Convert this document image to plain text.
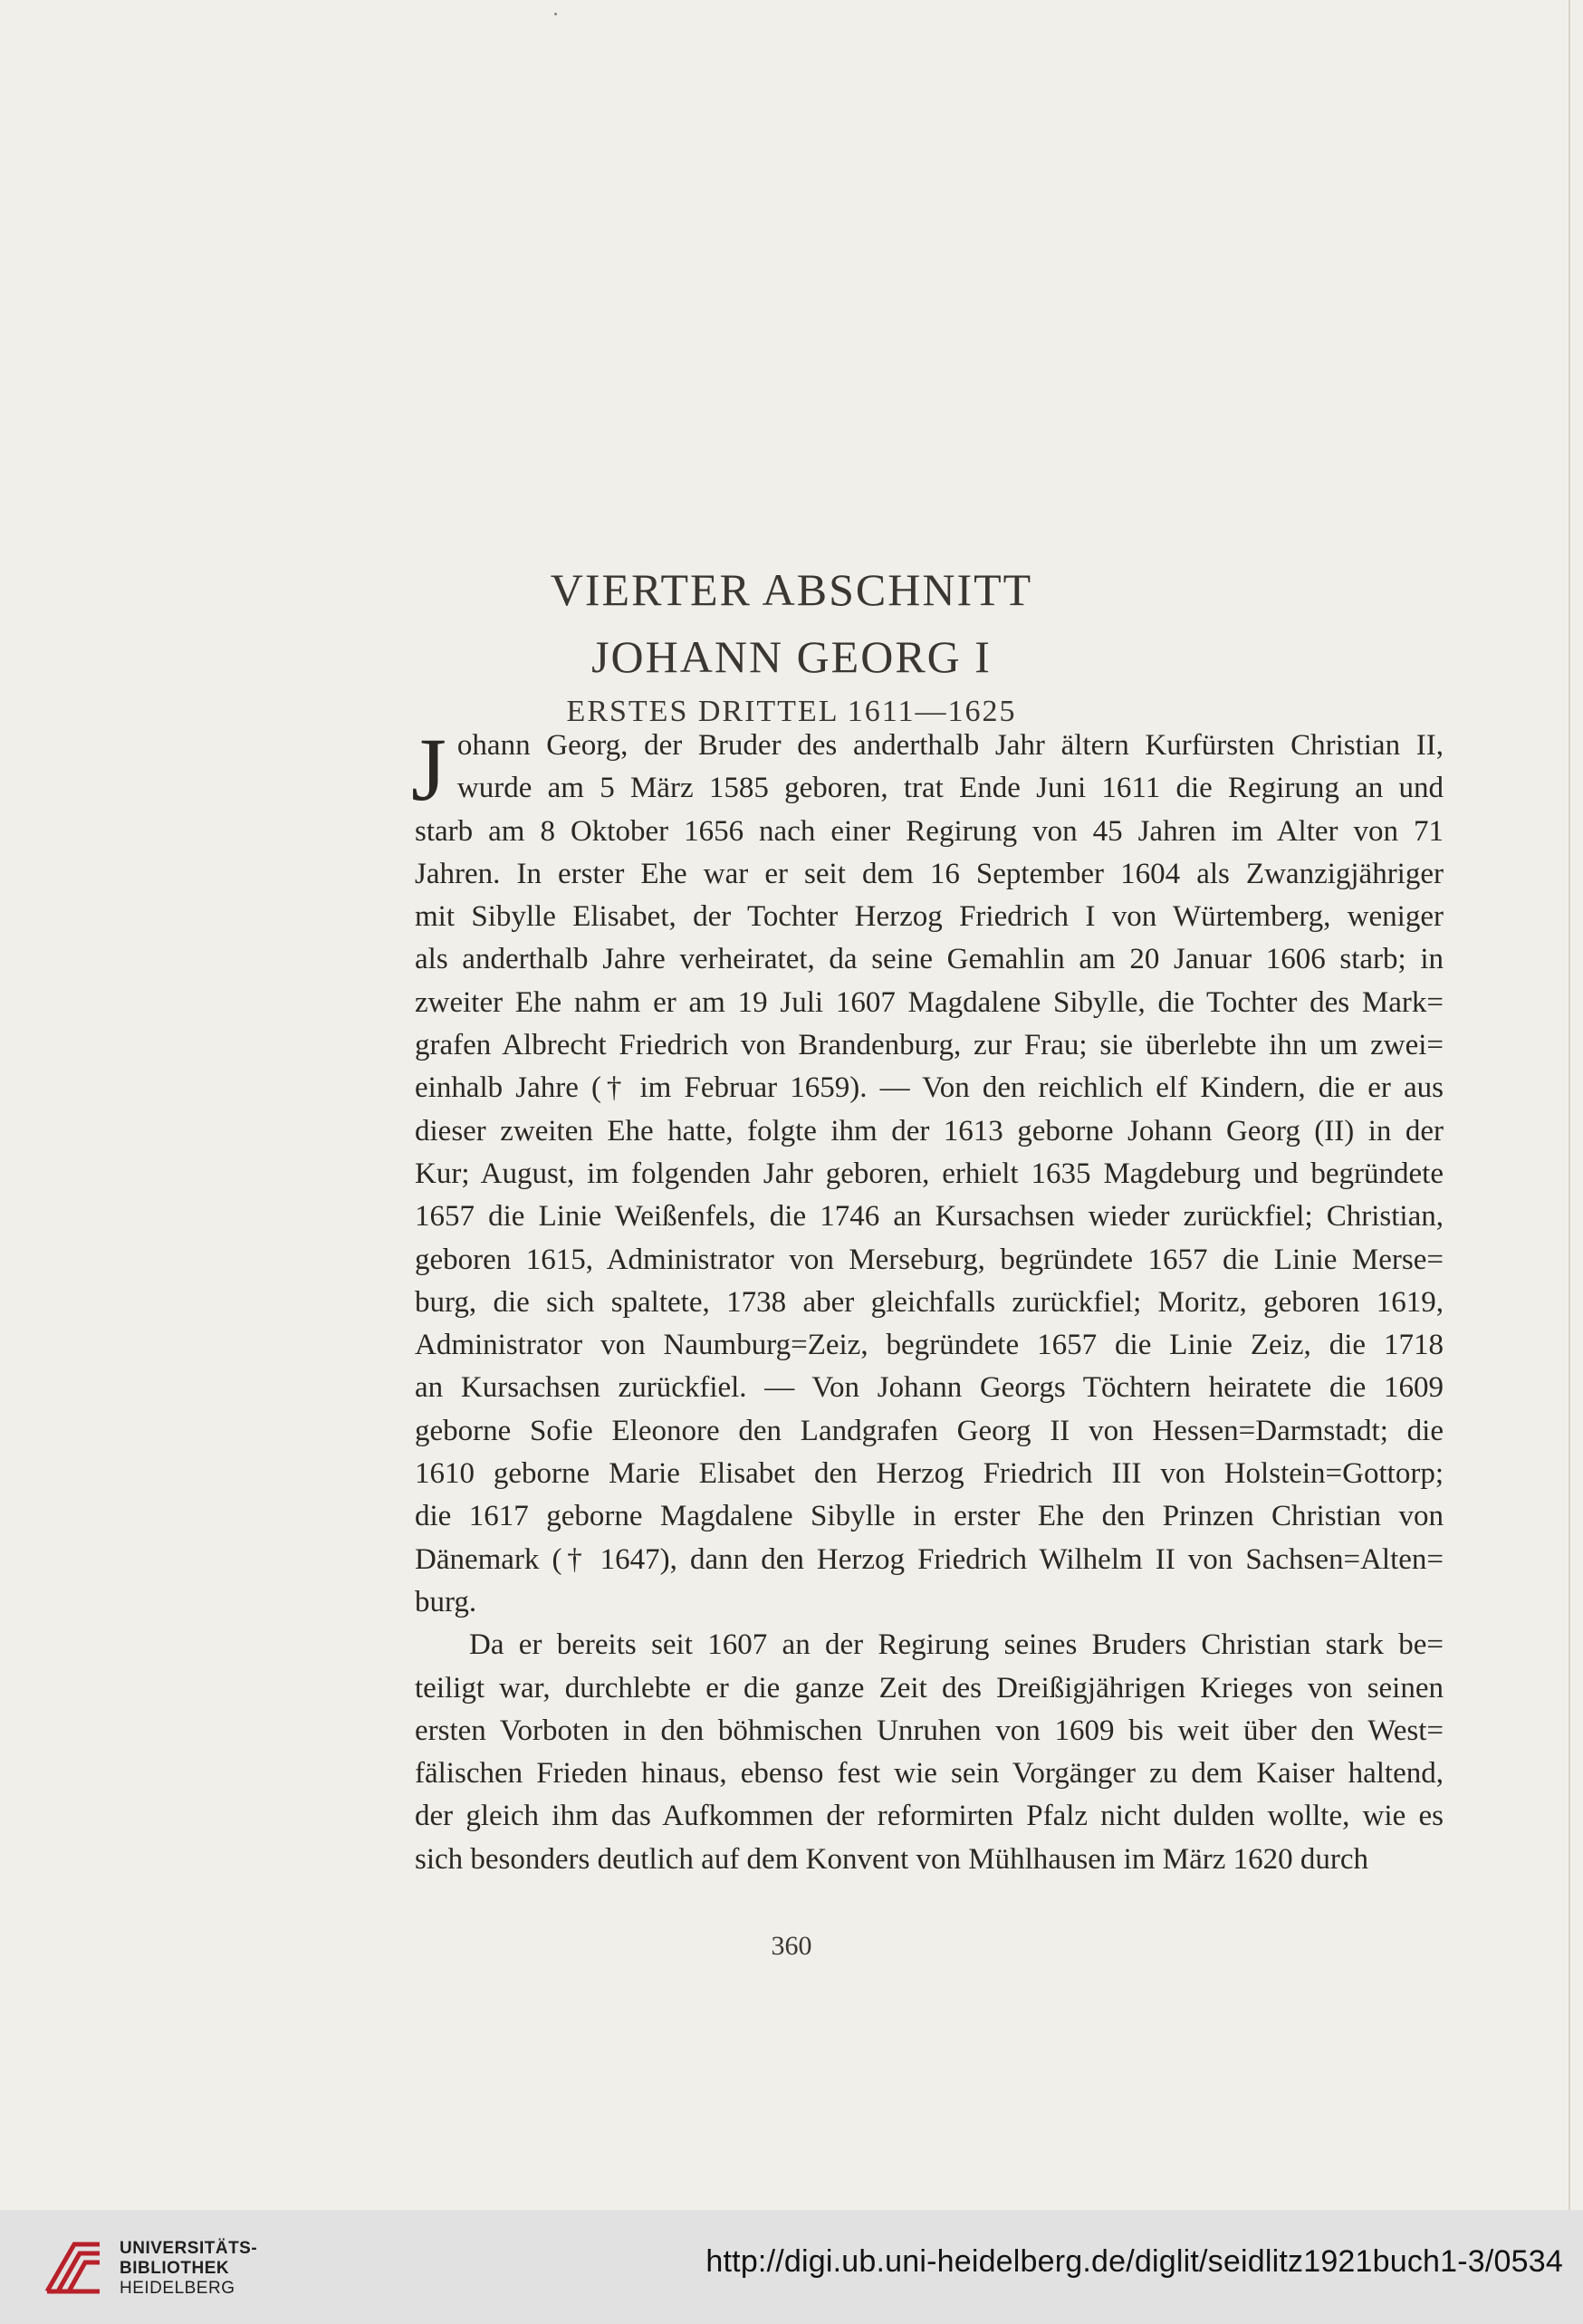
VIERTER ABSCHNITT
JOHANN GEORG I
ERSTES DRITTEL 1611—1625
J ohann Georg, der Bruder des anderthalb Jahr ältern Kurfürsten Christian II,

wurde am 5 März 1585 geboren, trat Ende Juni 1611 die Regirung an und

starb am 8 Oktober 1656 nach einer Regirung von 45 Jahren im Alter von 71

Jahren. In erster Ehe war er seit dem 16 September 1604 als Zwanzigjähriger

mit Sibylle Elisabet, der Tochter Herzog Friedrich I von Würtemberg, weniger

als anderthalb Jahre verheiratet, da seine Gemahlin am 20 Januar 1606 starb; in

zweiter Ehe nahm er am 19 Juli 1607 Magdalene Sibylle, die Tochter des Mark=

grafen Albrecht Friedrich von Brandenburg, zur Frau; sie überlebte ihn um zwei=

einhalb Jahre († im Februar 1659). — Von den reichlich elf Kindern, die er aus

dieser zweiten Ehe hatte, folgte ihm der 1613 geborne Johann Georg (II) in der

Kur; August, im folgenden Jahr geboren, erhielt 1635 Magdeburg und begründete

1657 die Linie Weißenfels, die 1746 an Kursachsen wieder zurückfiel; Christian,

geboren 1615, Administrator von Merseburg, begründete 1657 die Linie Merse=

burg, die sich spaltete, 1738 aber gleichfalls zurückfiel; Moritz, geboren 1619,

Administrator von Naumburg=Zeiz, begründete 1657 die Linie Zeiz, die 1718

an Kursachsen zurückfiel. — Von Johann Georgs Töchtern heiratete die 1609

geborne Sofie Eleonore den Landgrafen Georg II von Hessen=Darmstadt; die

1610 geborne Marie Elisabet den Herzog Friedrich III von Holstein=Gottorp;

die 1617 geborne Magdalene Sibylle in erster Ehe den Prinzen Christian von

Dänemark († 1647), dann den Herzog Friedrich Wilhelm II von Sachsen=Alten=

burg.

Da er bereits seit 1607 an der Regirung seines Bruders Christian stark be=

teiligt war, durchlebte er die ganze Zeit des Dreißigjährigen Krieges von seinen

ersten Vorboten in den böhmischen Unruhen von 1609 bis weit über den West=

fälischen Frieden hinaus, ebenso fest wie sein Vorgänger zu dem Kaiser haltend,

der gleich ihm das Aufkommen der reformirten Pfalz nicht dulden wollte, wie es

sich besonders deutlich auf dem Konvent von Mühlhausen im März 1620 durch

360

UNIVERSITÄTS-

BIBLIOTHEK

HEIDELBERG

http://digi.ub.uni-heidelberg.de/diglit/seidlitz1921buch1-3/0534
